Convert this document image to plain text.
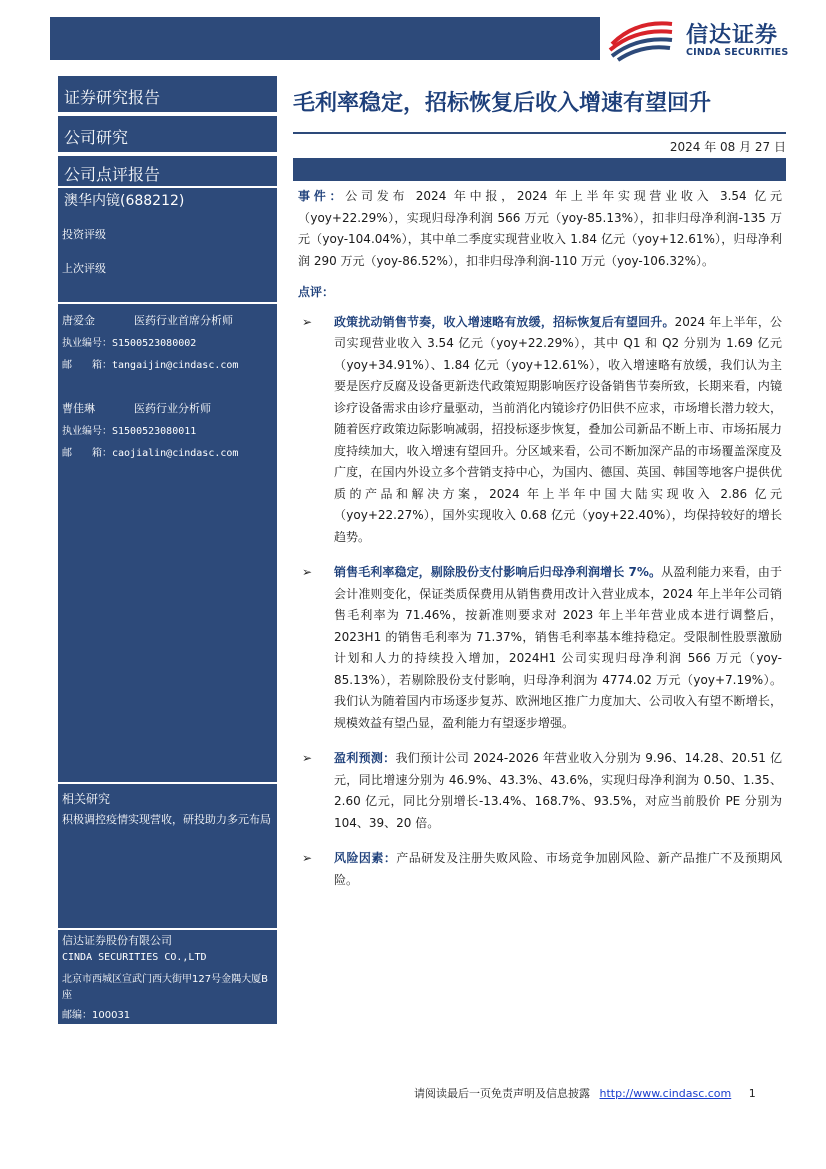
信达证券
CINDA SECURITIES
证券研究报告
公司研究
公司点评报告
澳华内镜(688212)
投资评级
上次评级
唐爱金	医药行业首席分析师
执业编号：S1500523080002
邮　　箱：tangaijin@cindasc.com
曹佳琳	医药行业分析师
执业编号：S1500523080011
邮　　箱：caojialin@cindasc.com
相关研究
积极调控疫情实现营收，研投助力多元布局
信达证券股份有限公司
CINDA SECURITIES CO.,LTD
北京市西城区宣武门西大街甲127号金隅大厦B座
邮编：100031
毛利率稳定，招标恢复后收入增速有望回升
2024 年 08 月 27 日

事件：公司发布 2024 年中报，2024 年上半年实现营业收入 3.54 亿元（yoy+22.29%），实现归母净利润 566 万元（yoy-85.13%），扣非归母净利润-135 万元（yoy-104.04%），其中单二季度实现营业收入 1.84 亿元（yoy+12.61%），归母净利润 290 万元（yoy-86.52%），扣非归母净利润-110 万元（yoy-106.32%）。

点评：

➢ 政策扰动销售节奏，收入增速略有放缓，招标恢复后有望回升。2024 年上半年，公司实现营业收入 3.54 亿元（yoy+22.29%），其中 Q1 和 Q2 分别为 1.69 亿元（yoy+34.91%）、1.84 亿元（yoy+12.61%），收入增速略有放缓，我们认为主要是医疗反腐及设备更新迭代政策短期影响医疗设备销售节奏所致，长期来看，内镜诊疗设备需求由诊疗量驱动，当前消化内镜诊疗仍旧供不应求，市场增长潜力较大，随着医疗政策边际影响减弱，招投标逐步恢复，叠加公司新品不断上市、市场拓展力度持续加大，收入增速有望回升。分区域来看，公司不断加深产品的市场覆盖深度及广度，在国内外设立多个营销支持中心，为国内、德国、英国、韩国等地客户提供优质的产品和解决方案，2024 年上半年中国大陆实现收入 2.86 亿元（yoy+22.27%），国外实现收入 0.68 亿元（yoy+22.40%），均保持较好的增长趋势。

➢ 销售毛利率稳定，剔除股份支付影响后归母净利润增长 7%。从盈利能力来看，由于会计准则变化，保证类质保费用从销售费用改计入营业成本，2024 年上半年公司销售毛利率为 71.46%，按新准则要求对 2023 年上半年营业成本进行调整后，2023H1 的销售毛利率为 71.37%，销售毛利率基本维持稳定。受限制性股票激励计划和人力的持续投入增加，2024H1 公司实现归母净利润 566 万元（yoy-85.13%），若剔除股份支付影响，归母净利润为 4774.02 万元（yoy+7.19%）。我们认为随着国内市场逐步复苏、欧洲地区推广力度加大、公司收入有望不断增长，规模效益有望凸显，盈利能力有望逐步增强。

➢ 盈利预测：我们预计公司 2024-2026 年营业收入分别为 9.96、14.28、20.51 亿元，同比增速分别为 46.9%、43.3%、43.6%，实现归母净利润为 0.50、1.35、2.60 亿元，同比分别增长-13.4%、168.7%、93.5%，对应当前股价 PE 分别为 104、39、20 倍。

➢ 风险因素：产品研发及注册失败风险、市场竞争加剧风险、新产品推广不及预期风险。

请阅读最后一页免责声明及信息披露 http://www.cindasc.com 1
